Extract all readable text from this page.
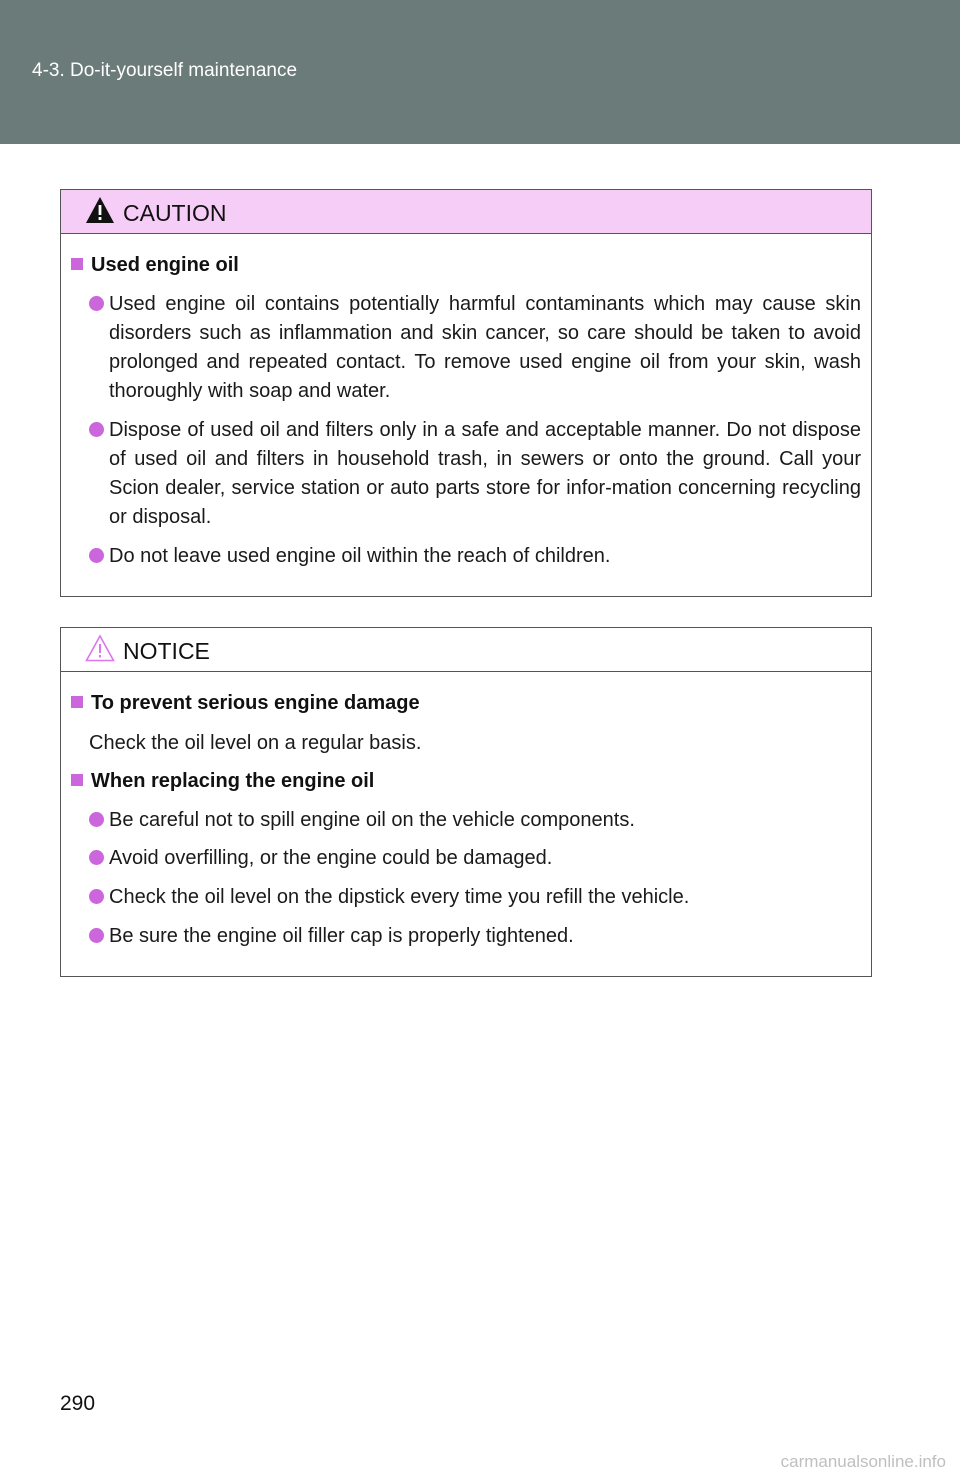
4-3. Do-it-yourself maintenance
CAUTION
Used engine oil
Used engine oil contains potentially harmful contaminants which may cause skin disorders such as inflammation and skin cancer, so care should be taken to avoid prolonged and repeated contact. To remove used engine oil from your skin, wash thoroughly with soap and water.
Dispose of used oil and filters only in a safe and acceptable manner. Do not dispose of used oil and filters in household trash, in sewers or onto the ground. Call your Scion dealer, service station or auto parts store for infor-mation concerning recycling or disposal.
Do not leave used engine oil within the reach of children.
NOTICE
To prevent serious engine damage
Check the oil level on a regular basis.
When replacing the engine oil
Be careful not to spill engine oil on the vehicle components.
Avoid overfilling, or the engine could be damaged.
Check the oil level on the dipstick every time you refill the vehicle.
Be sure the engine oil filler cap is properly tightened.
290
carmanualsonline.info
